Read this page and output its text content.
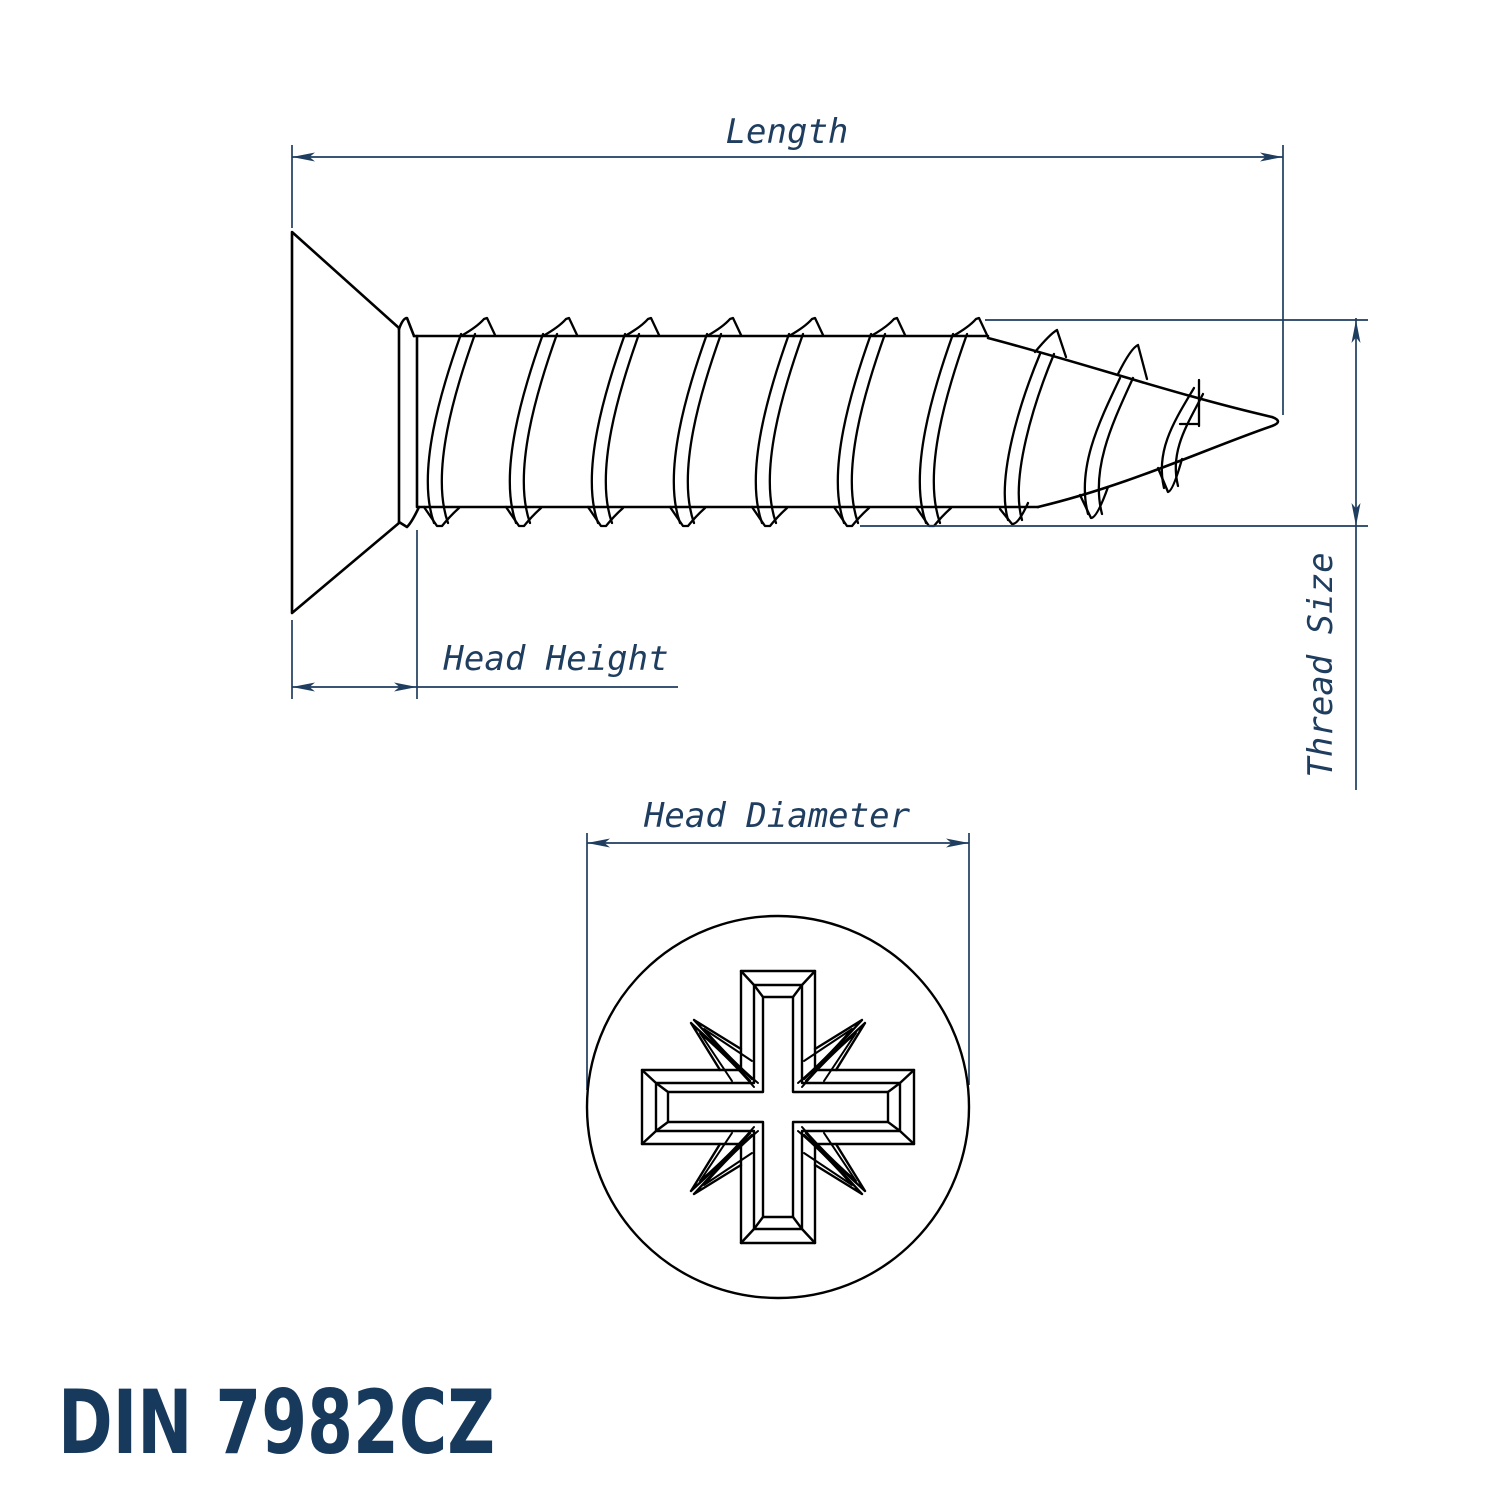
Length
Head Height	Thread Size
Head Diameter
DIN 7982CZ
